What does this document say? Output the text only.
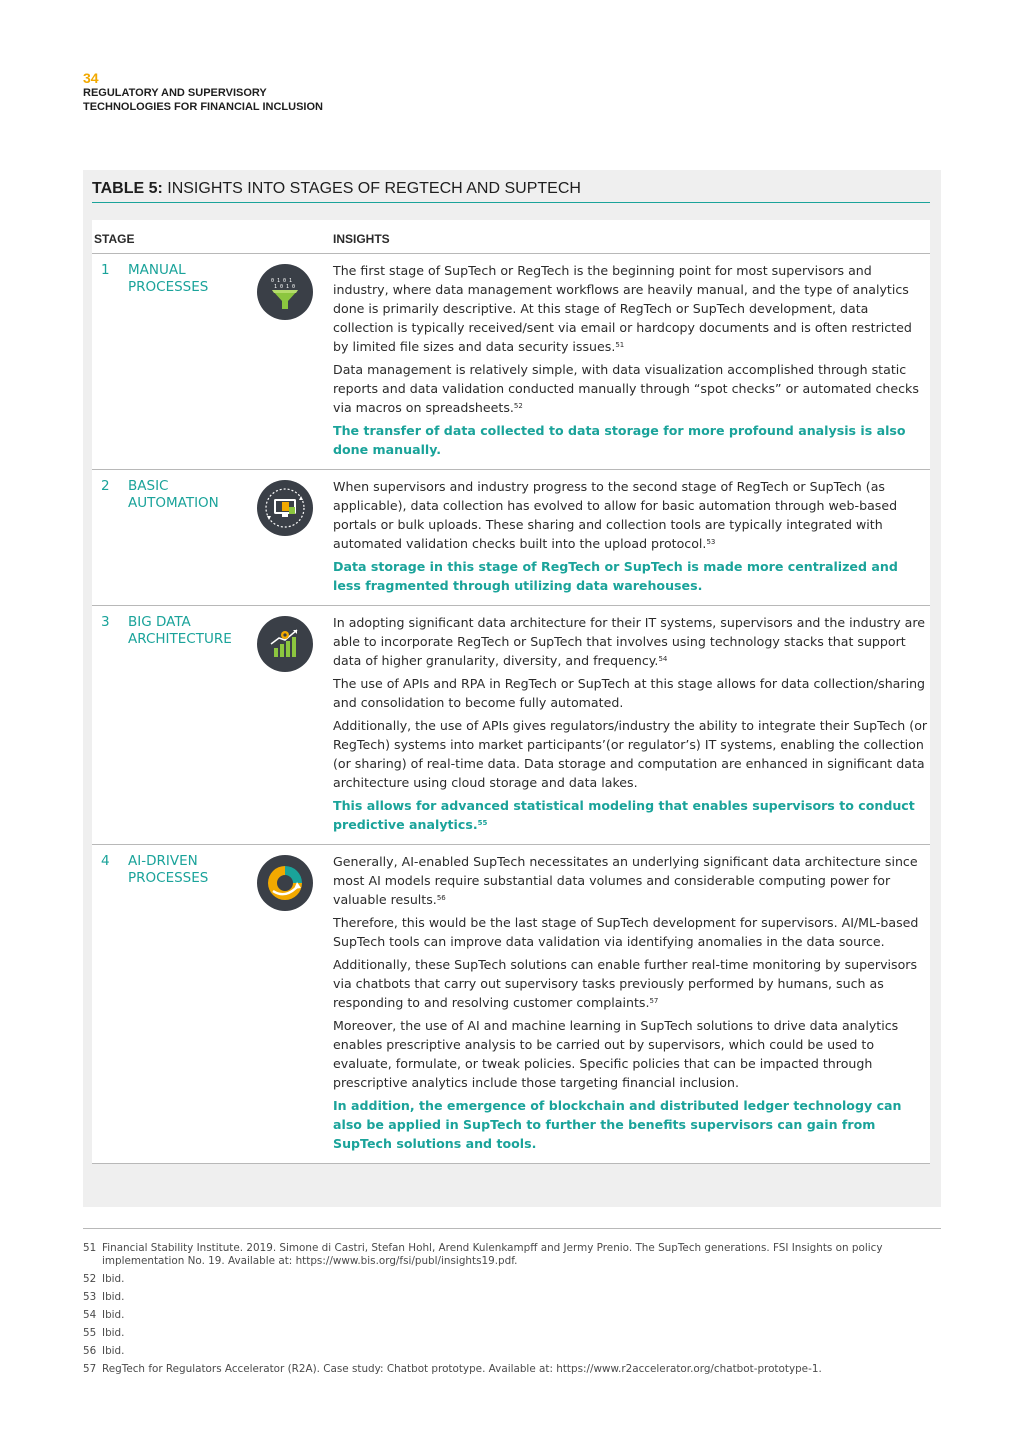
34
REGULATORY AND SUPERVISORY
TECHNOLOGIES FOR FINANCIAL INCLUSION
TABLE 5: INSIGHTS INTO STAGES OF REGTECH AND SUPTECH
STAGE	INSIGHTS
1 MANUAL PROCESSES	0 1 0 1
1 0 1 0

The first stage of SupTech or RegTech is the beginning point for most supervisors and industry, where data management workflows are heavily manual, and the type of analytics done is primarily descriptive. At this stage of RegTech or SupTech development, data collection is typically received/sent via email or hardcopy documents and is often restricted by limited file sizes and data security issues.$^{51}$

Data management is relatively simple, with data visualization accomplished through static reports and data validation conducted manually through “spot checks” or automated checks via macros on spreadsheets.$^{52}$

The transfer of data collected to data storage for more profound analysis is also done manually.

2 BASIC AUTOMATION

When supervisors and industry progress to the second stage of RegTech or SupTech (as applicable), data collection has evolved to allow for basic automation through web-based portals or bulk uploads. These sharing and collection tools are typically integrated with automated validation checks built into the upload protocol.$^{53}$

Data storage in this stage of RegTech or SupTech is made more centralized and less fragmented through utilizing data warehouses.

3 BIG DATA ARCHITECTURE

In adopting significant data architecture for their IT systems, supervisors and the industry are able to incorporate RegTech or SupTech that involves using technology stacks that support data of higher granularity, diversity, and frequency.$^{54}$

The use of APIs and RPA in RegTech or SupTech at this stage allows for data collection/sharing and consolidation to become fully automated.

Additionally, the use of APIs gives regulators/industry the ability to integrate their SupTech (or RegTech) systems into market participants’(or regulator’s) IT systems, enabling the collection (or sharing) of real-time data. Data storage and computation are enhanced in significant data architecture using cloud storage and data lakes.

This allows for advanced statistical modeling that enables supervisors to conduct predictive analytics.$^{55}$

4 AI-DRIVEN PROCESSES

Generally, AI-enabled SupTech necessitates an underlying significant data architecture since most AI models require substantial data volumes and considerable computing power for valuable results.$^{56}$

Therefore, this would be the last stage of SupTech development for supervisors. AI/ML-based SupTech tools can improve data validation via identifying anomalies in the data source.

Additionally, these SupTech solutions can enable further real-time monitoring by supervisors via chatbots that carry out supervisory tasks previously performed by humans, such as responding to and resolving customer complaints.$^{57}$

Moreover, the use of AI and machine learning in SupTech solutions to drive data analytics enables prescriptive analysis to be carried out by supervisors, which could be used to evaluate, formulate, or tweak policies. Specific policies that can be impacted through prescriptive analytics include those targeting financial inclusion.

In addition, the emergence of blockchain and distributed ledger technology can also be applied in SupTech to further the benefits supervisors can gain from SupTech solutions and tools.

51 Financial Stability Institute. 2019. Simone di Castri, Stefan Hohl, Arend Kulenkampff and Jermy Prenio. The SupTech generations. FSI Insights on policy implementation No. 19. Available at: https://www.bis.org/fsi/publ/insights19.pdf.
52 Ibid.
53 Ibid.
54 Ibid.
55 Ibid.
56 Ibid.
57 RegTech for Regulators Accelerator (R2A). Case study: Chatbot prototype. Available at: https://www.r2accelerator.org/chatbot-prototype-1.
